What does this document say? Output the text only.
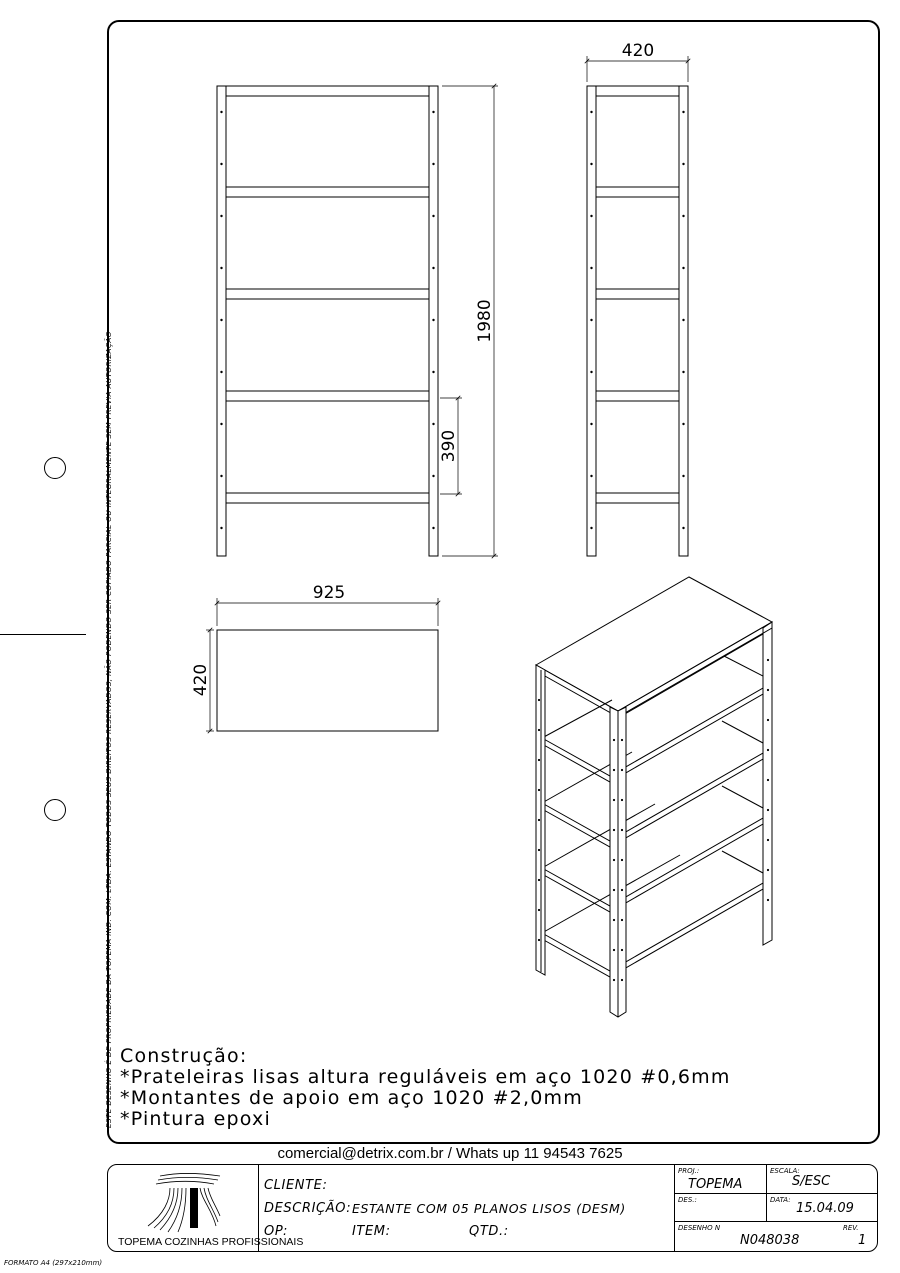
ESTE DESENHO É DE PROPRIEDADE DA TOPEMA IND. COM. LTDA. ESTANDO TODOS SEUS DIREITOS RESERVADOS, NÃO PODENDO SER COPIADO PARCIAL OU INTEGRALMENTE SEM PREVIA AUTORIZAÇÃO
1980
390
420
925
420
Construção:
*Prateleiras lisas altura reguláveis em aço 1020 #0,6mm
*Montantes de apoio em aço 1020 #2,0mm
*Pintura epoxi
comercial@detrix.com.br / Whats up 11 94543 7625
TOPEMA COZINHAS PROFISSIONAIS
CLIENTE:
DESCRIÇÃO: ESTANTE COM 05 PLANOS LISOS (DESM)
OP:	ITEM:	QTD.:
PROJ.:
TOPEMA
ESCALA:
S/ESC
DES.:	DATA:
15.04.09
DESENHO N	REV.
N048038	1
FORMATO A4 (297x210mm)
